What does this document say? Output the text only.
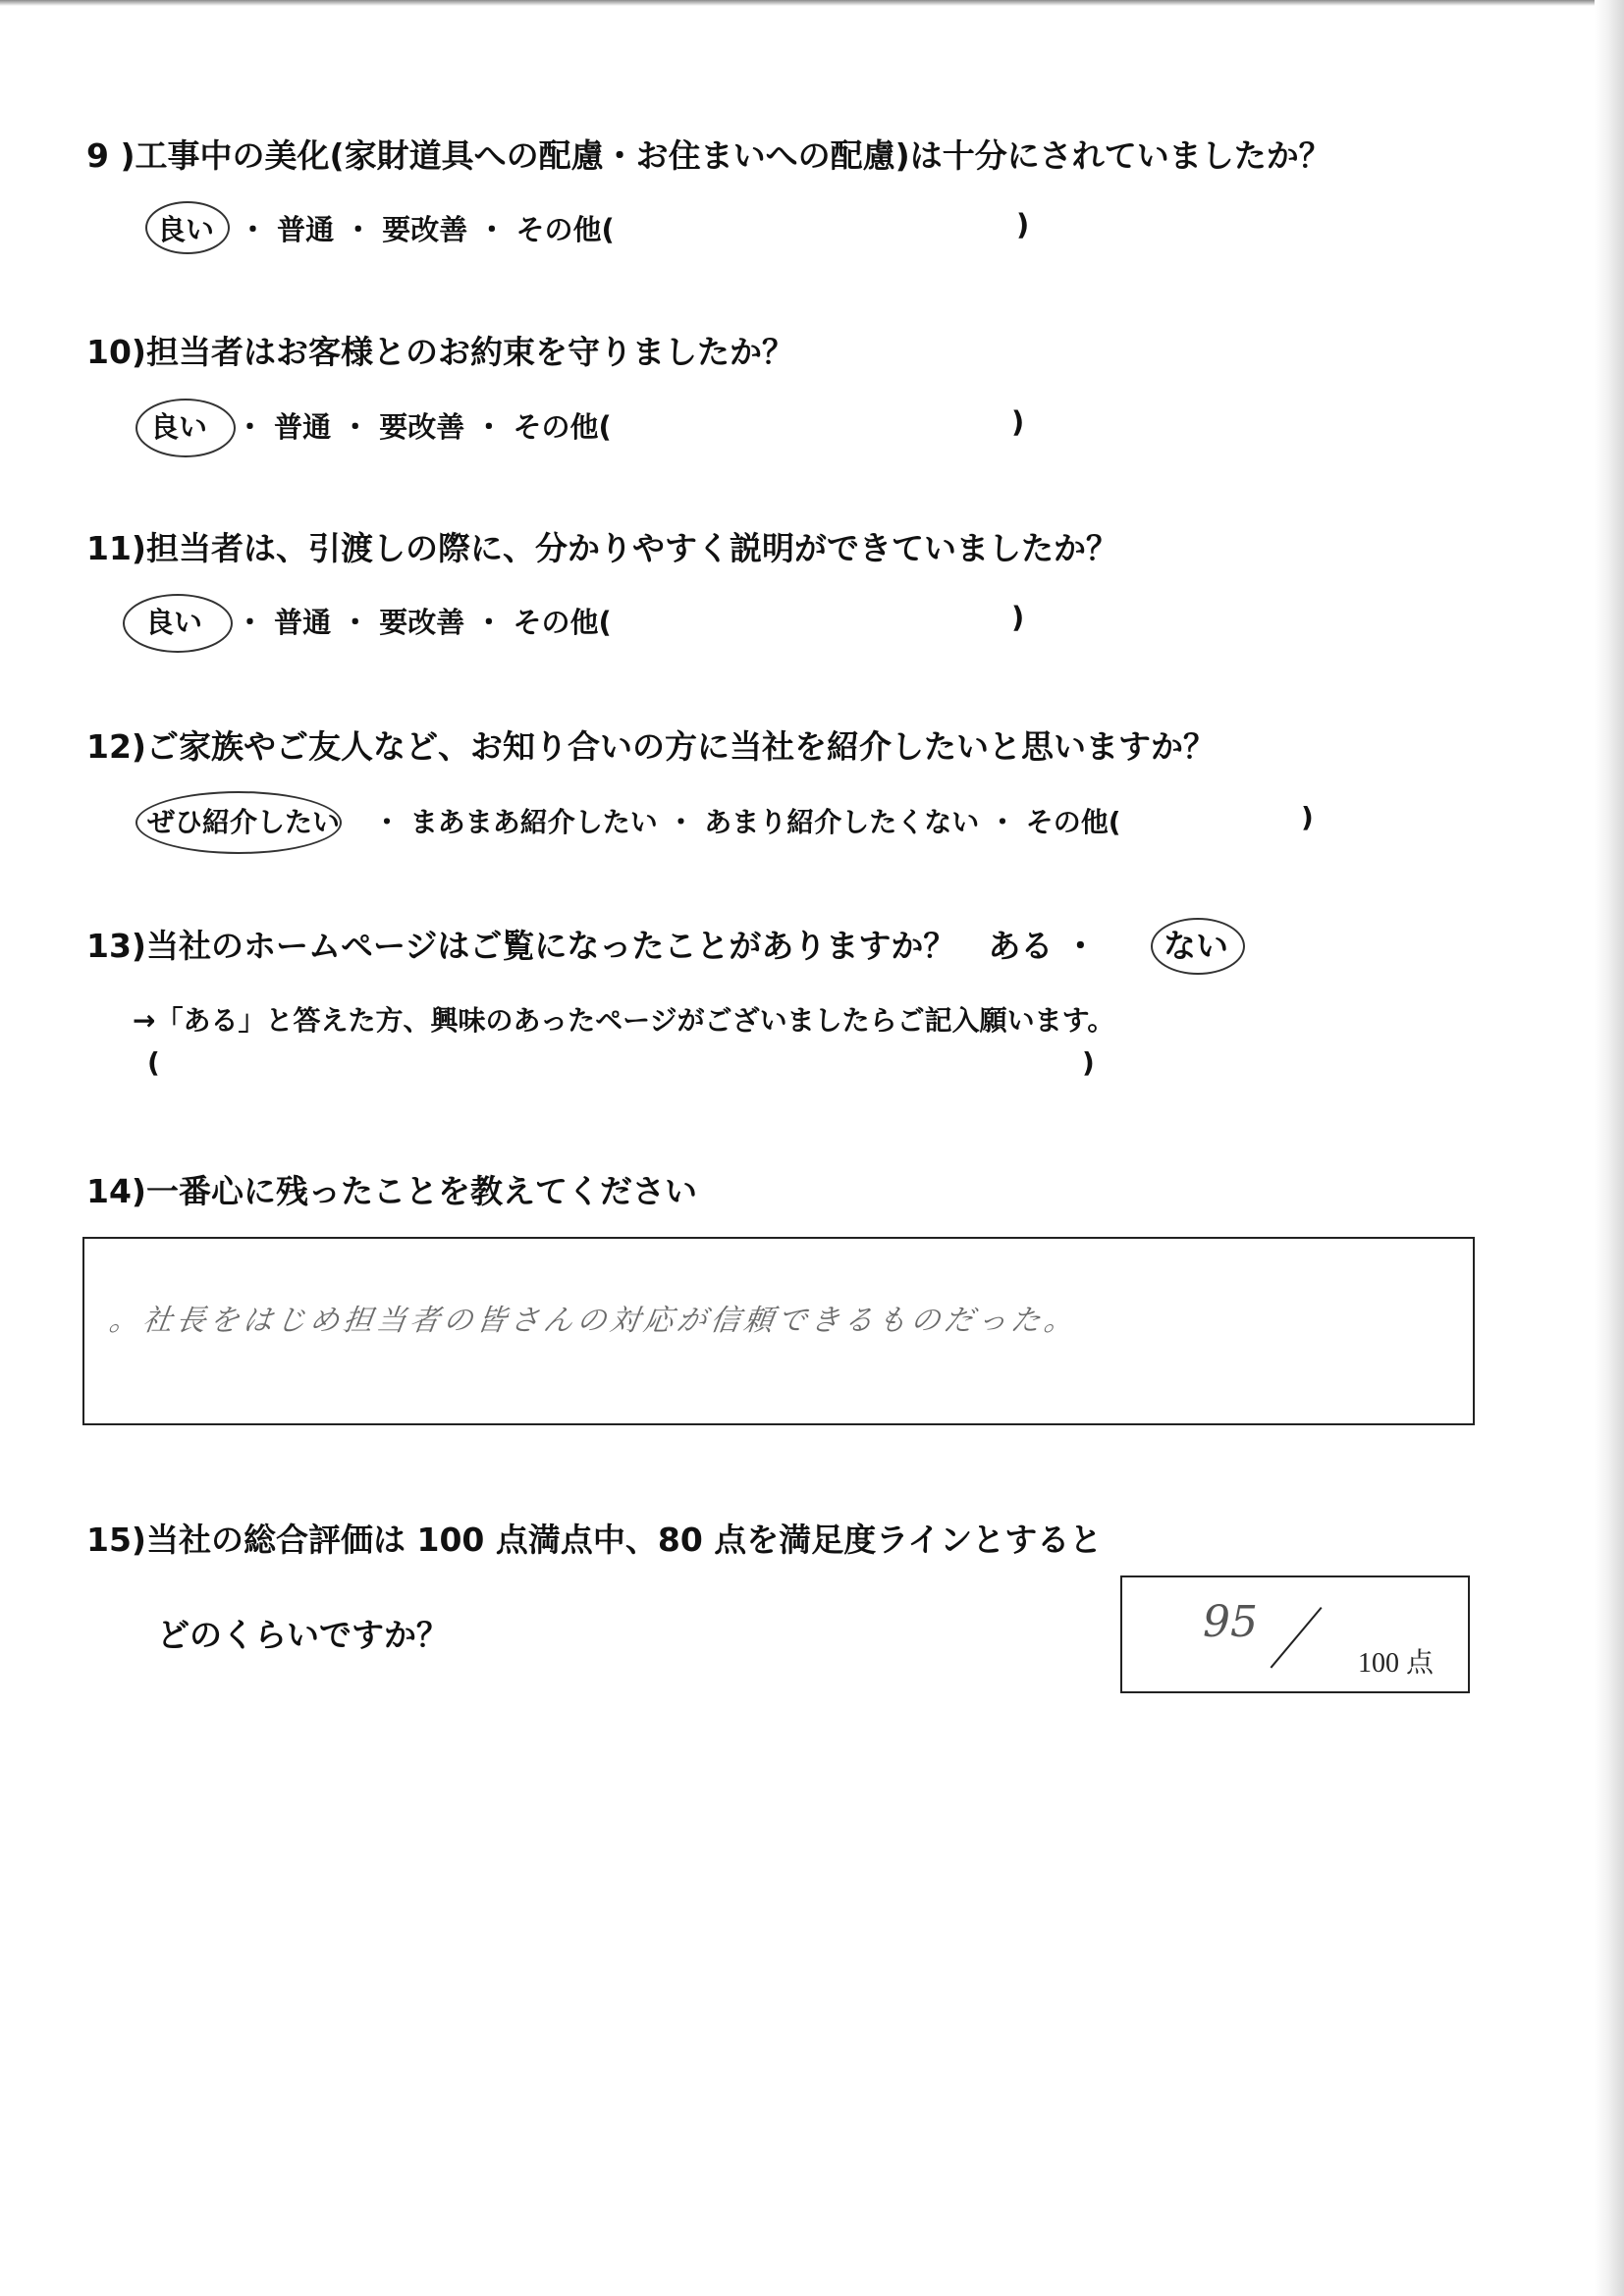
9 )工事中の美化(家財道具への配慮・お住まいへの配慮)は十分にされていましたか？
良い ・ 普通 ・ 要改善 ・ その他(	)
10)担当者はお客様とのお約束を守りましたか？
良い ・ 普通 ・ 要改善 ・ その他(	)
11)担当者は、引渡しの際に、分かりやすく説明ができていましたか？
良い ・ 普通 ・ 要改善 ・ その他(	)
12)ご家族やご友人など、お知り合いの方に当社を紹介したいと思いますか？
ぜひ紹介したい ・ まあまあ紹介したい ・ あまり紹介したくない ・ その他(	)
13)当社のホームページはご覧になったことがありますか？　ある ・ ない
→「ある」と答えた方、興味のあったページがございましたらご記入願います。
(	)
14)一番心に残ったことを教えてください
。社長をはじめ担当者の皆さんの対応が信頼できるものだった。
15)当社の総合評価は 100 点満点中、80 点を満足度ラインとすると
どのくらいですか？	95
100 点
